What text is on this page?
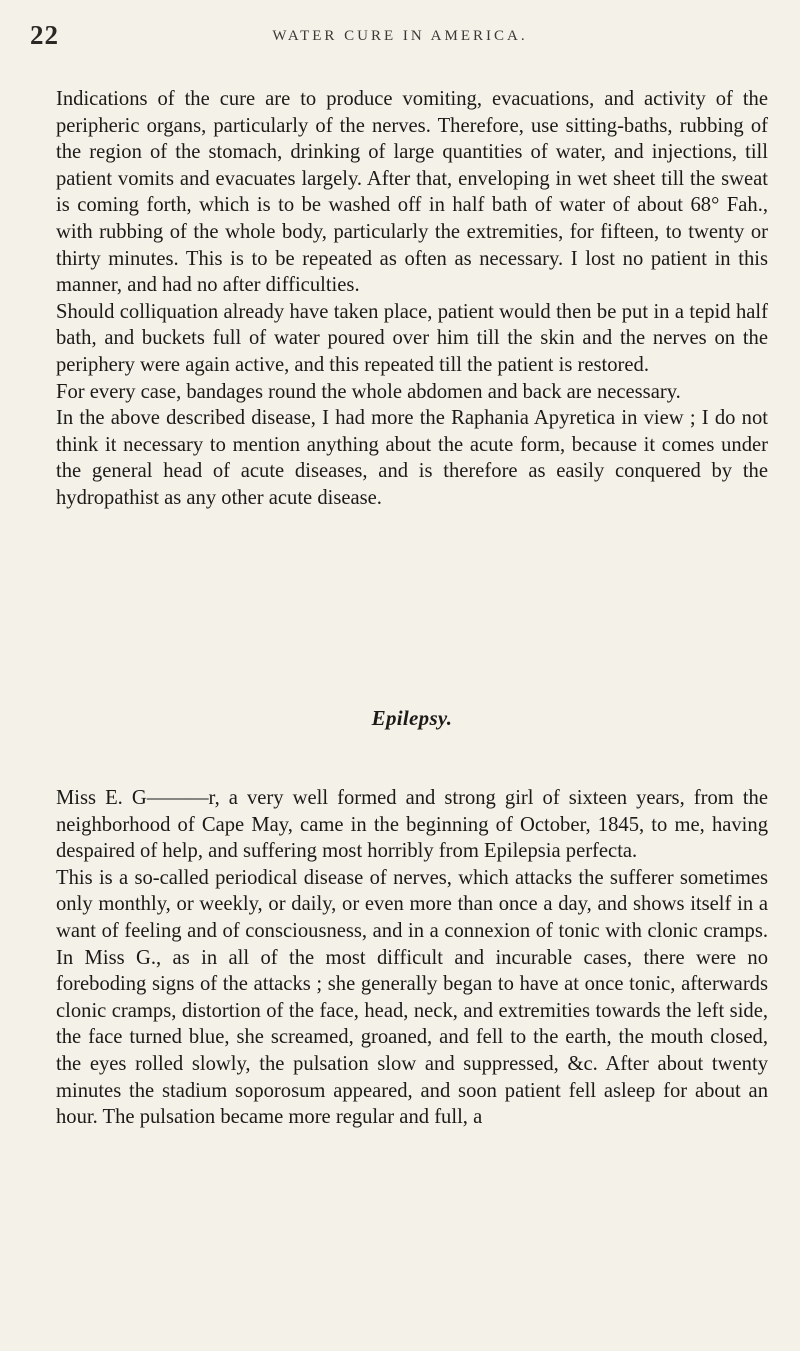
22	WATER CURE IN AMERICA.

Indications of the cure are to produce vomiting, evacuations, and activity of the peripheric organs, particularly of the nerves. Therefore, use sitting-baths, rubbing of the region of the stomach, drinking of large quantities of water, and injections, till patient vomits and evacuates largely. After that, enveloping in wet sheet till the sweat is coming forth, which is to be washed off in half bath of water of about 68° Fah., with rubbing of the whole body, particularly the extremities, for fifteen, to twenty or thirty minutes. This is to be repeated as often as necessary. I lost no patient in this manner, and had no after difficulties.

Should colliquation already have taken place, patient would then be put in a tepid half bath, and buckets full of water poured over him till the skin and the nerves on the periphery were again active, and this repeated till the patient is restored.

For every case, bandages round the whole abdomen and back are necessary.

In the above described disease, I had more the Raphania Apyretica in view ; I do not think it necessary to mention anything about the acute form, because it comes under the general head of acute diseases, and is therefore as easily conquered by the hydropathist as any other acute disease.

Epilepsy.

Miss E. G———r, a very well formed and strong girl of sixteen years, from the neighborhood of Cape May, came in the beginning of October, 1845, to me, having despaired of help, and suffering most horribly from Epilepsia perfecta.

This is a so-called periodical disease of nerves, which attacks the sufferer sometimes only monthly, or weekly, or daily, or even more than once a day, and shows itself in a want of feeling and of consciousness, and in a connexion of tonic with clonic cramps. In Miss G., as in all of the most difficult and incurable cases, there were no foreboding signs of the attacks ; she generally began to have at once tonic, afterwards clonic cramps, distortion of the face, head, neck, and extremities towards the left side, the face turned blue, she screamed, groaned, and fell to the earth, the mouth closed, the eyes rolled slowly, the pulsation slow and suppressed, &c. After about twenty minutes the stadium soporosum appeared, and soon patient fell asleep for about an hour. The pulsation became more regular and full, a
